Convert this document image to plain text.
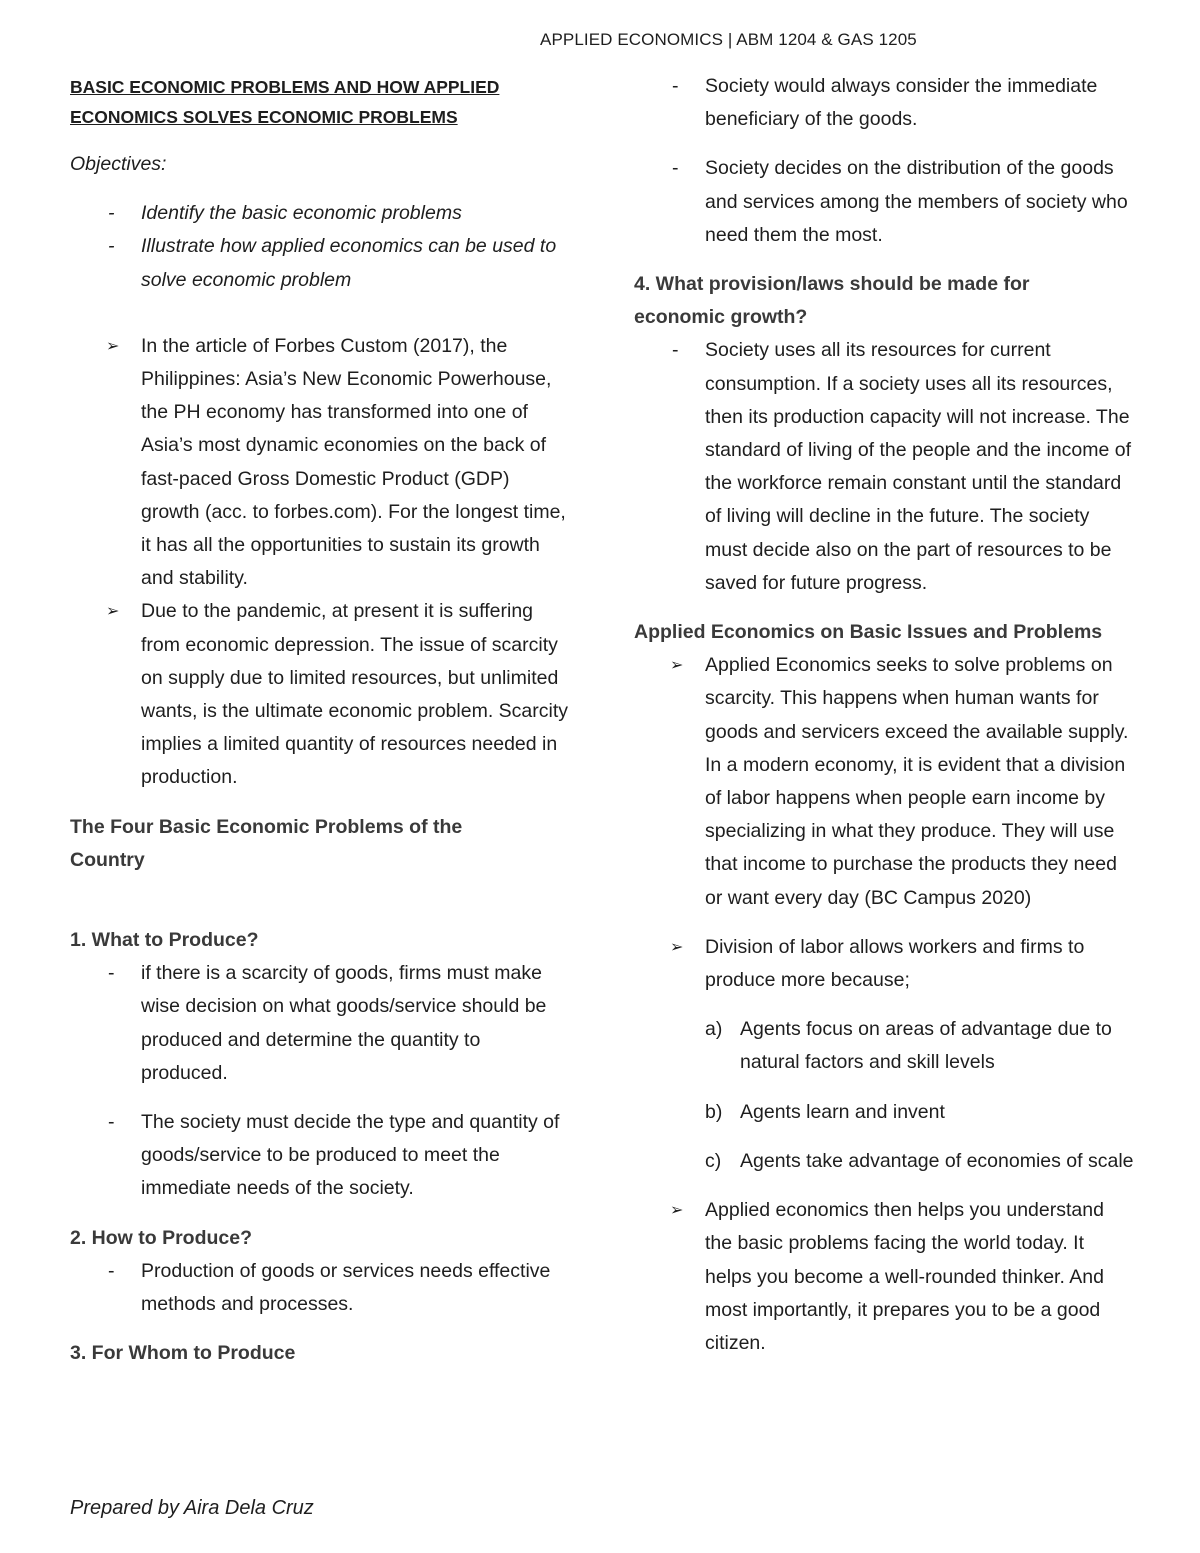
APPLIED ECONOMICS | ABM 1204 & GAS 1205

BASIC ECONOMIC PROBLEMS AND HOW APPLIED
ECONOMICS SOLVES ECONOMIC PROBLEMS

Objectives:
- Identify the basic economic problems
- Illustrate how applied economics can be used to solve economic problem
➢ In the article of Forbes Custom (2017), the Philippines: Asia’s New Economic Powerhouse, the PH economy has transformed into one of Asia’s most dynamic economies on the back of fast-paced Gross Domestic Product (GDP) growth (acc. to forbes.com). For the longest time, it has all the opportunities to sustain its growth and stability.
➢ Due to the pandemic, at present it is suffering from economic depression. The issue of scarcity on supply due to limited resources, but unlimited wants, is the ultimate economic problem. Scarcity implies a limited quantity of resources needed in production.
The Four Basic Economic Problems of the Country
1. What to Produce?
- if there is a scarcity of goods, firms must make wise decision on what goods/service should be produced and determine the quantity to produced.
- The society must decide the type and quantity of goods/service to be produced to meet the immediate needs of the society.
2. How to Produce?
- Production of goods or services needs effective methods and processes.
3. For Whom to Produce
- Society would always consider the immediate beneficiary of the goods.
- Society decides on the distribution of the goods and services among the members of society who need them the most.
4. What provision/laws should be made for economic growth?
- Society uses all its resources for current consumption. If a society uses all its resources, then its production capacity will not increase. The standard of living of the people and the income of the workforce remain constant until the standard of living will decline in the future. The society must decide also on the part of resources to be saved for future progress.
Applied Economics on Basic Issues and Problems
➢ Applied Economics seeks to solve problems on scarcity. This happens when human wants for goods and servicers exceed the available supply. In a modern economy, it is evident that a division of labor happens when people earn income by specializing in what they produce. They will use that income to purchase the products they need or want every day (BC Campus 2020)
➢ Division of labor allows workers and firms to produce more because;
a) Agents focus on areas of advantage due to natural factors and skill levels
b) Agents learn and invent
c) Agents take advantage of economies of scale
➢ Applied economics then helps you understand the basic problems facing the world today. It helps you become a well-rounded thinker. And most importantly, it prepares you to be a good citizen.
Prepared by Aira Dela Cruz
